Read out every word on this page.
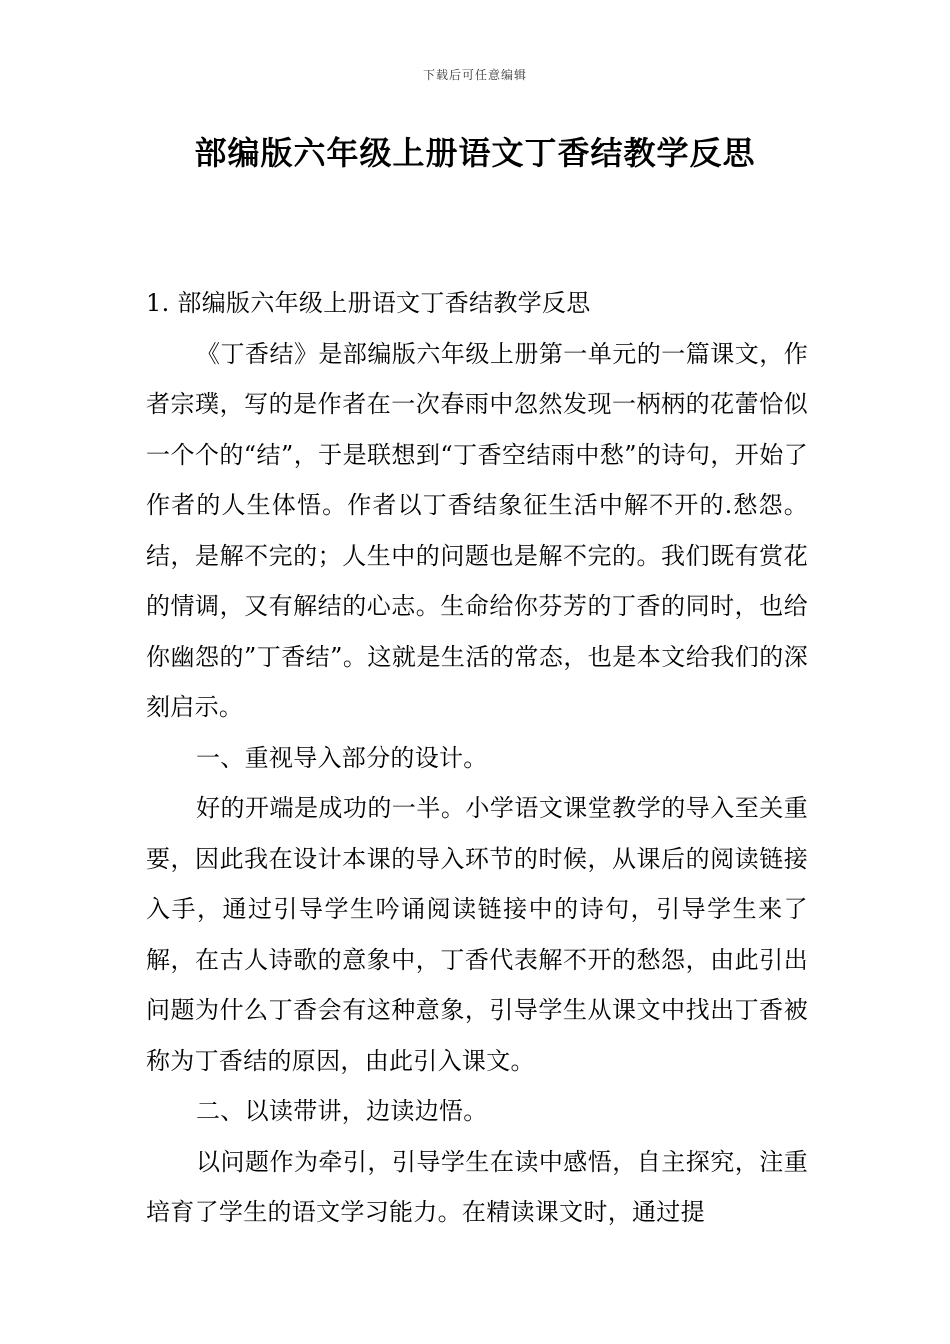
下载后可任意编辑
部编版六年级上册语文丁香结教学反思

1. 部编版六年级上册语文丁香结教学反思

《丁香结》是部编版六年级上册第一单元的一篇课文，作者宗璞，写的是作者在一次春雨中忽然发现一柄柄的花蕾恰似一个个的“结”，于是联想到“丁香空结雨中愁”的诗句，开始了作者的人生体悟。作者以丁香结象征生活中解不开的.愁怨。结，是解不完的；人生中的问题也是解不完的。我们既有赏花的情调，又有解结的心志。生命给你芬芳的丁香的同时，也给你幽怨的”丁香结”。这就是生活的常态，也是本文给我们的深刻启示。

一、重视导入部分的设计。

好的开端是成功的一半。小学语文课堂教学的导入至关重要，因此我在设计本课的导入环节的时候，从课后的阅读链接入手，通过引导学生吟诵阅读链接中的诗句，引导学生来了解，在古人诗歌的意象中，丁香代表解不开的愁怨，由此引出问题为什么丁香会有这种意象，引导学生从课文中找出丁香被称为丁香结的原因，由此引入课文。

二、以读带讲，边读边悟。

以问题作为牵引，引导学生在读中感悟，自主探究，注重培育了学生的语文学习能力。在精读课文时，通过提
